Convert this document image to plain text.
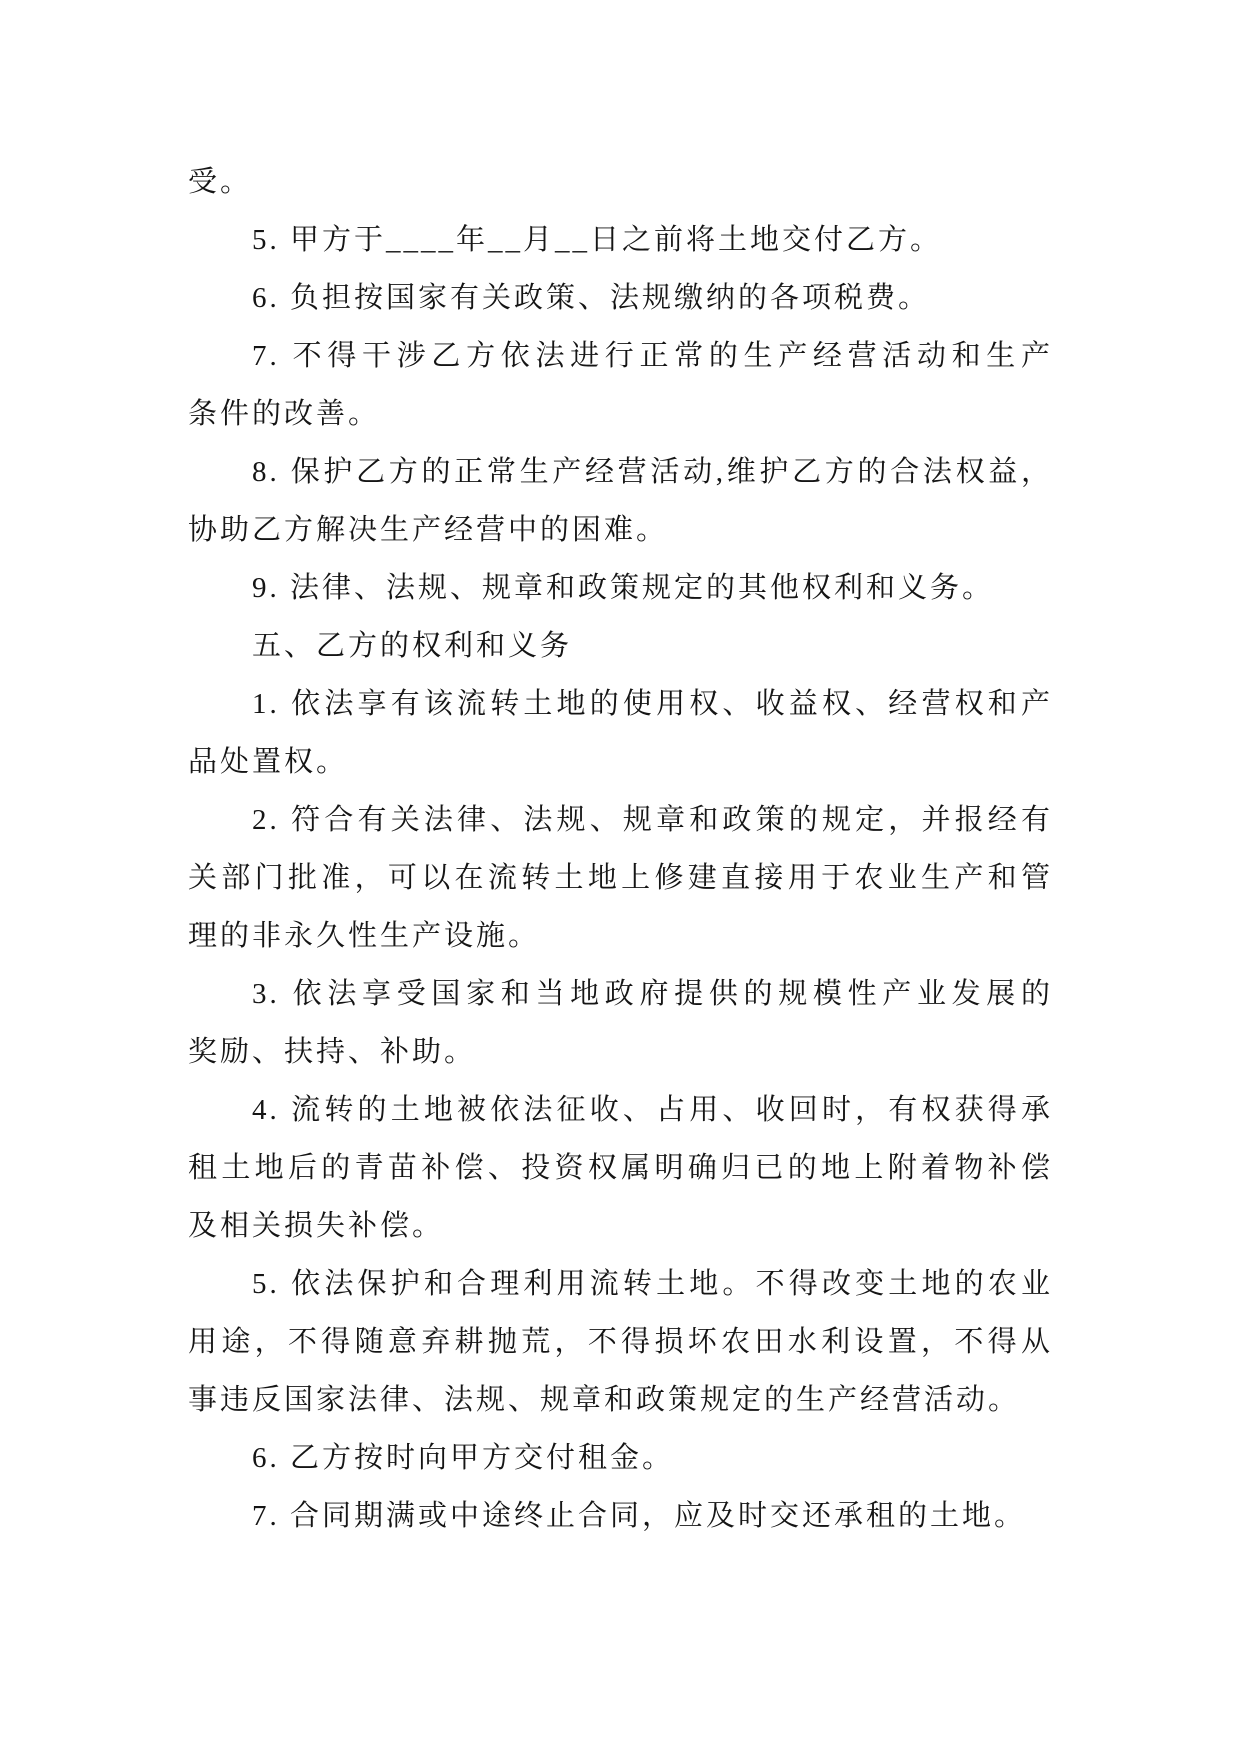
受。
5. 甲方于____年__月__日之前将土地交付乙方。
6. 负担按国家有关政策、法规缴纳的各项税费。
7. 不得干涉乙方依法进行正常的生产经营活动和生产
条件的改善。
8. 保护乙方的正常生产经营活动,维护乙方的合法权益，
协助乙方解决生产经营中的困难。
9. 法律、法规、规章和政策规定的其他权利和义务。
五、乙方的权利和义务
1. 依法享有该流转土地的使用权、收益权、经营权和产
品处置权。
2. 符合有关法律、法规、规章和政策的规定，并报经有
关部门批准，可以在流转土地上修建直接用于农业生产和管
理的非永久性生产设施。
3. 依法享受国家和当地政府提供的规模性产业发展的
奖励、扶持、补助。
4. 流转的土地被依法征收、占用、收回时，有权获得承
租土地后的青苗补偿、投资权属明确归已的地上附着物补偿
及相关损失补偿。
5. 依法保护和合理利用流转土地。不得改变土地的农业
用途，不得随意弃耕抛荒，不得损坏农田水利设置，不得从
事违反国家法律、法规、规章和政策规定的生产经营活动。
6. 乙方按时向甲方交付租金。
7. 合同期满或中途终止合同，应及时交还承租的土地。
